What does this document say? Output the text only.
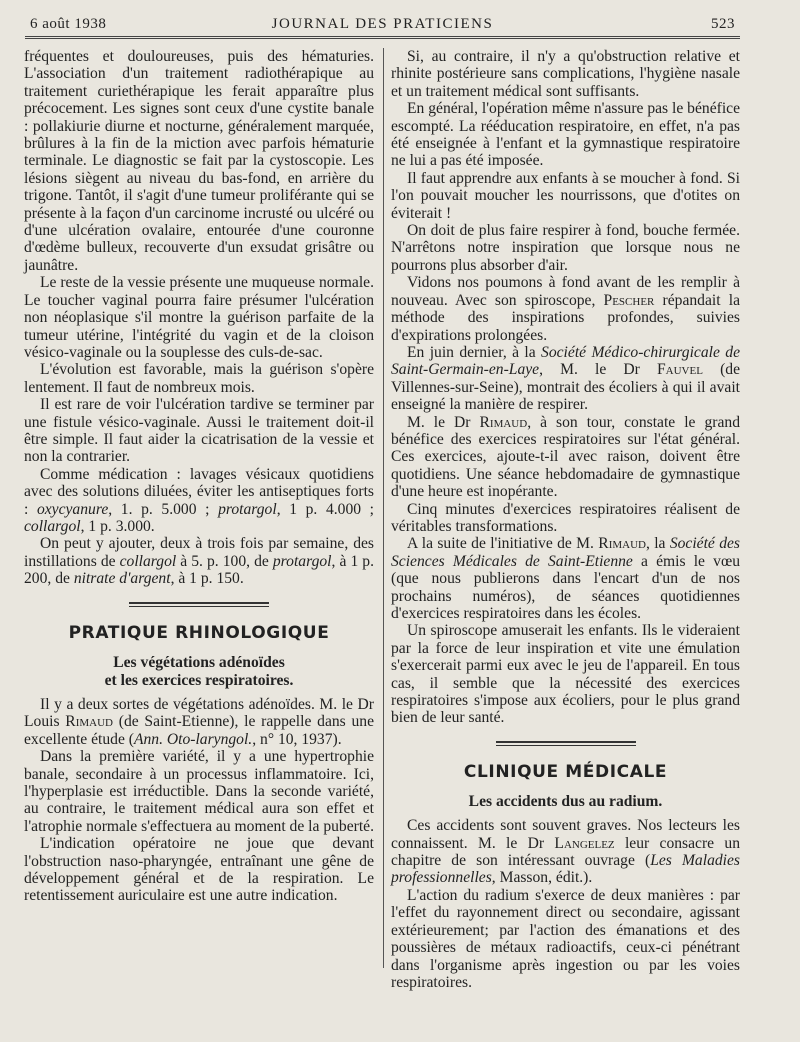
6 août 1938	JOURNAL DES PRATICIENS	523

fréquentes et douloureuses, puis des hématuries. L'association d'un traitement radiothérapique au traitement curiethérapique les ferait apparaître plus précocement. Les signes sont ceux d'une cystite banale : pollakiurie diurne et nocturne, généralement marquée, brûlures à la fin de la miction avec parfois hématurie terminale. Le diagnostic se fait par la cystoscopie. Les lésions siègent au niveau du bas-fond, en arrière du trigone. Tantôt, il s'agit d'une tumeur proliférante qui se présente à la façon d'un carcinome incrusté ou ulcéré ou d'une ulcération ovalaire, entourée d'une couronne d'œdème bulleux, recouverte d'un exsudat grisâtre ou jaunâtre.

Le reste de la vessie présente une muqueuse normale. Le toucher vaginal pourra faire présumer l'ulcération non néoplasique s'il montre la guérison parfaite de la tumeur utérine, l'intégrité du vagin et de la cloison vésico-vaginale ou la souplesse des culs-de-sac.

L'évolution est favorable, mais la guérison s'opère lentement. Il faut de nombreux mois.

Il est rare de voir l'ulcération tardive se terminer par une fistule vésico-vaginale. Aussi le traitement doit-il être simple. Il faut aider la cicatrisation de la vessie et non la contrarier.

Comme médication : lavages vésicaux quotidiens avec des solutions diluées, éviter les antiseptiques forts : oxycyanure, 1. p. 5.000 ; protargol, 1 p. 4.000 ; collargol, 1 p. 3.000.

On peut y ajouter, deux à trois fois par semaine, des instillations de collargol à 5. p. 100, de protargol, à 1 p. 200, de nitrate d'argent, à 1 p. 150.

PRATIQUE RHINOLOGIQUE
Les végétations adénoïdes
et les exercices respiratoires.

Il y a deux sortes de végétations adénoïdes. M. le Dr Louis Rimaud (de Saint-Etienne), le rappelle dans une excellente étude (Ann. Oto-laryngol., n° 10, 1937).

Dans la première variété, il y a une hypertrophie banale, secondaire à un processus inflammatoire. Ici, l'hyperplasie est irréductible. Dans la seconde variété, au contraire, le traitement médical aura son effet et l'atrophie normale s'effectuera au moment de la puberté.

L'indication opératoire ne joue que devant l'obstruction naso-pharyngée, entraînant une gêne de développement général et de la respiration. Le retentissement auriculaire est une autre indication.

Si, au contraire, il n'y a qu'obstruction relative et rhinite postérieure sans complications, l'hygiène nasale et un traitement médical sont suffisants.

En général, l'opération même n'assure pas le bénéfice escompté. La rééducation respiratoire, en effet, n'a pas été enseignée à l'enfant et la gymnastique respiratoire ne lui a pas été imposée.

Il faut apprendre aux enfants à se moucher à fond. Si l'on pouvait moucher les nourrissons, que d'otites on éviterait !

On doit de plus faire respirer à fond, bouche fermée. N'arrêtons notre inspiration que lorsque nous ne pourrons plus absorber d'air.

Vidons nos poumons à fond avant de les remplir à nouveau. Avec son spiroscope, Pescher répandait la méthode des inspirations profondes, suivies d'expirations prolongées.

En juin dernier, à la Société Médico-chirurgicale de Saint-Germain-en-Laye, M. le Dr Fauvel (de Villennes-sur-Seine), montrait des écoliers à qui il avait enseigné la manière de respirer.

M. le Dr Rimaud, à son tour, constate le grand bénéfice des exercices respiratoires sur l'état général. Ces exercices, ajoute-t-il avec raison, doivent être quotidiens. Une séance hebdomadaire de gymnastique d'une heure est inopérante.

Cinq minutes d'exercices respiratoires réalisent de véritables transformations.

A la suite de l'initiative de M. Rimaud, la Société des Sciences Médicales de Saint-Etienne a émis le vœu (que nous publierons dans l'encart d'un de nos prochains numéros), de séances quotidiennes d'exercices respiratoires dans les écoles.

Un spiroscope amuserait les enfants. Ils le videraient par la force de leur inspiration et vite une émulation s'exercerait parmi eux avec le jeu de l'appareil. En tous cas, il semble que la nécessité des exercices respiratoires s'impose aux écoliers, pour le plus grand bien de leur santé.

CLINIQUE MÉDICALE
Les accidents dus au radium.

Ces accidents sont souvent graves. Nos lecteurs les connaissent. M. le Dr Langelez leur consacre un chapitre de son intéressant ouvrage (Les Maladies professionnelles, Masson, édit.).

L'action du radium s'exerce de deux manières : par l'effet du rayonnement direct ou secondaire, agissant extérieurement; par l'action des émanations et des poussières de métaux radioactifs, ceux-ci pénétrant dans l'organisme après ingestion ou par les voies respiratoires.
